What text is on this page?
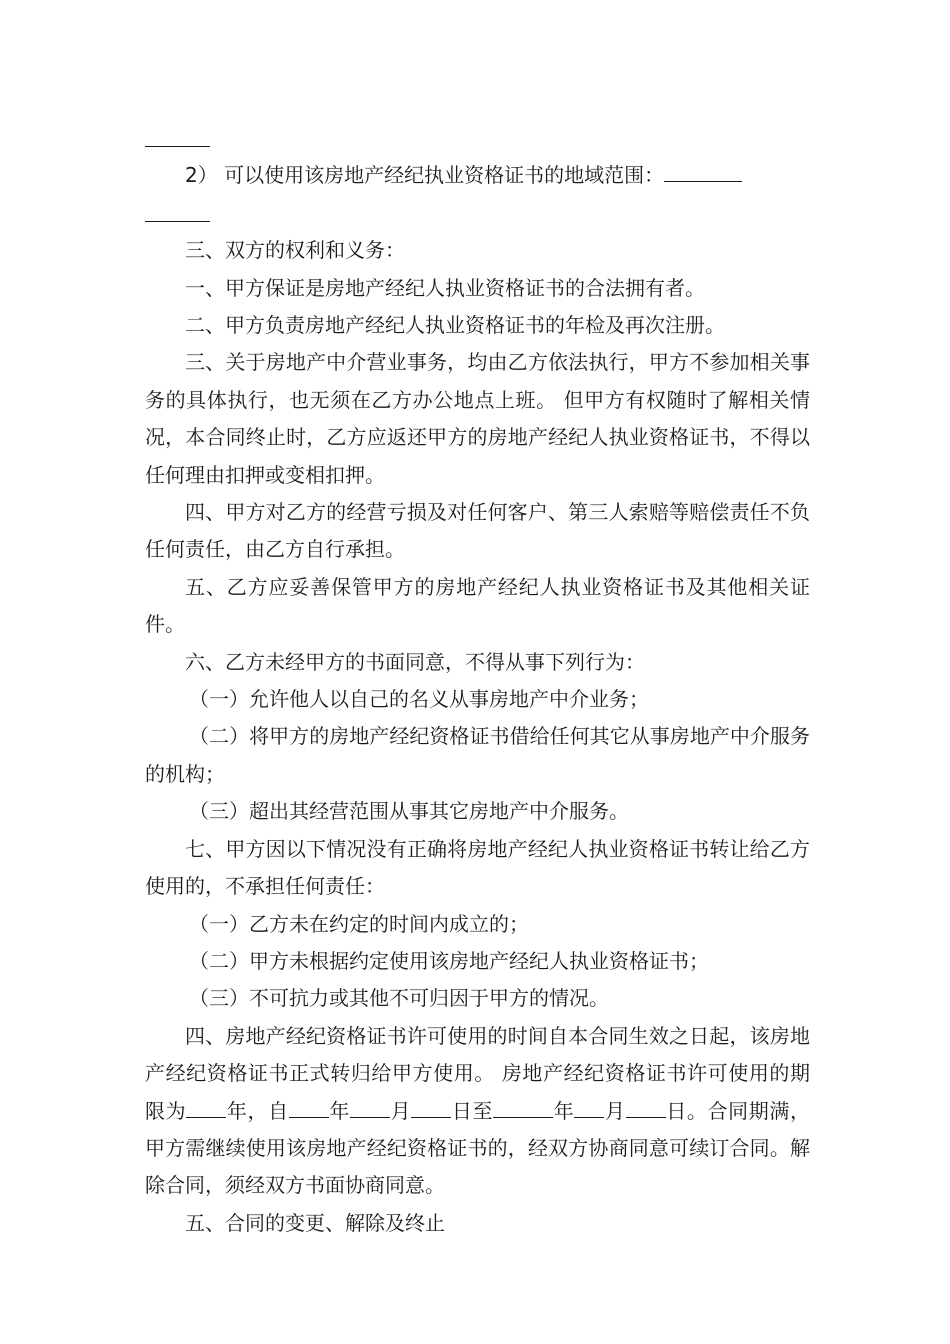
2） 可以使用该房地产经纪执业资格证书的地域范围：

三、双方的权利和义务：

一、甲方保证是房地产经纪人执业资格证书的合法拥有者。

二、甲方负责房地产经纪人执业资格证书的年检及再次注册。

三、关于房地产中介营业事务，均由乙方依法执行，甲方不参加相关事务的具体执行，也无须在乙方办公地点上班。 但甲方有权随时了解相关情况，本合同终止时，乙方应返还甲方的房地产经纪人执业资格证书，不得以任何理由扣押或变相扣押。

四、甲方对乙方的经营亏损及对任何客户、第三人索赔等赔偿责任不负任何责任，由乙方自行承担。

五、乙方应妥善保管甲方的房地产经纪人执业资格证书及其他相关证件。

六、乙方未经甲方的书面同意，不得从事下列行为：

（一）允许他人以自己的名义从事房地产中介业务；

（二）将甲方的房地产经纪资格证书借给任何其它从事房地产中介服务的机构；

（三）超出其经营范围从事其它房地产中介服务。

七、甲方因以下情况没有正确将房地产经纪人执业资格证书转让给乙方使用的，不承担任何责任：

（一）乙方未在约定的时间内成立的；

（二）甲方未根据约定使用该房地产经纪人执业资格证书；

（三）不可抗力或其他不可归因于甲方的情况。

四、房地产经纪资格证书许可使用的时间自本合同生效之日起，该房地产经纪资格证书正式转归给甲方使用。 房地产经纪资格证书许可使用的期限为 年，自 年 月 日至	年 月 日。合同期满，甲方需继续使用该房地产经纪资格证书的，经双方协商同意可续订合同。解除合同，须经双方书面协商同意。

五、合同的变更、解除及终止
